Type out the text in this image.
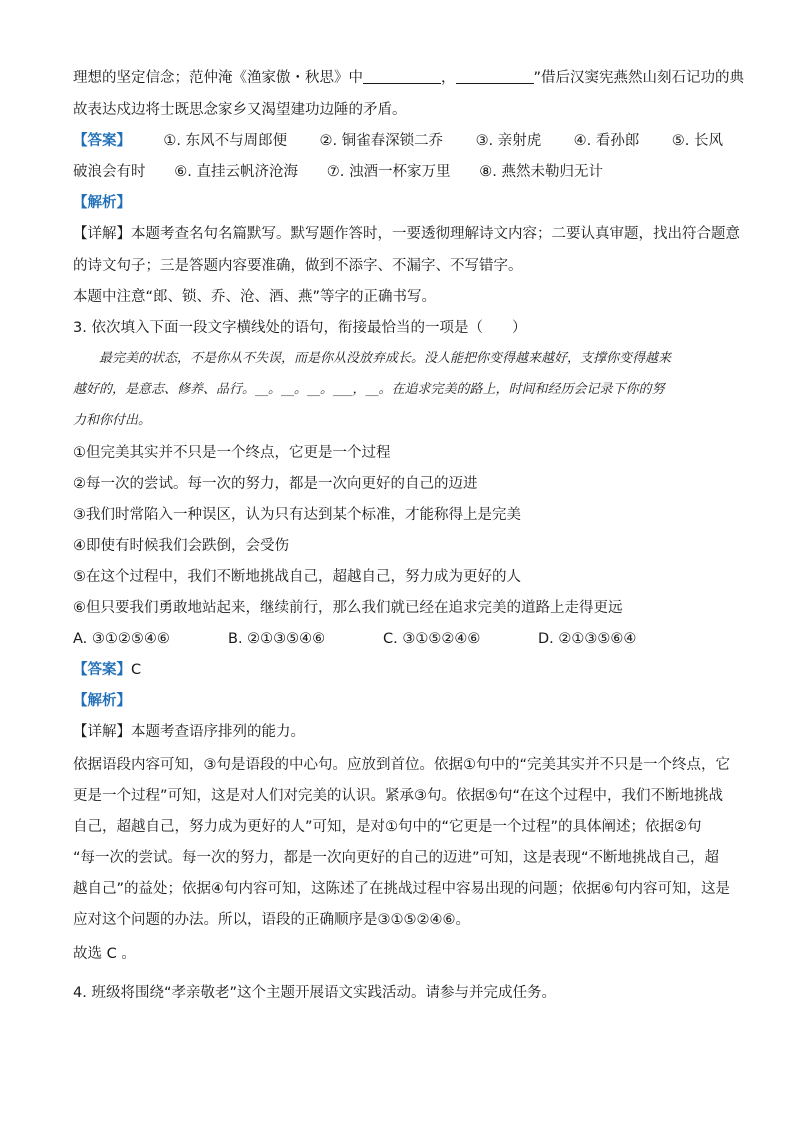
理想的坚定信念；范仲淹《渔家傲・秋思》中	，	”借后汉窦宪燕然山刻石记功的典
故表达戍边将士既思念家乡又渴望建功边陲的矛盾。
【答案】 ①. 东风不与周郎便 ②. 铜雀春深锁二乔 ③. 亲射虎 ④. 看孙郎 ⑤. 长风
破浪会有时 ⑥. 直挂云帆济沧海 ⑦. 浊酒一杯家万里 ⑧. 燕然未勒归无计
【解析】
【详解】本题考查名句名篇默写。默写题作答时，一要透彻理解诗文内容；二要认真审题，找出符合题意
的诗文句子；三是答题内容要准确，做到不添字、不漏字、不写错字。
本题中注意“郎、锁、乔、沧、酒、燕”等字的正确书写。
3. 依次填入下面一段文字横线处的语句，衔接最恰当的一项是（　　）
　　最完美的状态，不是你从不失误，而是你从没放弃成长。没人能把你变得越来越好，支撑你变得越来
越好的，是意志、修养、品行。__。__。__。___，__。在追求完美的路上，时间和经历会记录下你的努
力和你付出。
①但完美其实并不只是一个终点，它更是一个过程
②每一次的尝试。每一次的努力，都是一次向更好的自己的迈进
③我们时常陷入一种误区，认为只有达到某个标准，才能称得上是完美
④即使有时候我们会跌倒，会受伤
⑤在这个过程中，我们不断地挑战自己，超越自己，努力成为更好的人
⑥但只要我们勇敢地站起来，继续前行，那么我们就已经在追求完美的道路上走得更远
A. ③①②⑤④⑥	B. ②①③⑤④⑥	C. ③①⑤②④⑥	D. ②①③⑤⑥④
【答案】C
【解析】
【详解】本题考查语序排列的能力。
依据语段内容可知，③句是语段的中心句。应放到首位。依据①句中的“完美其实并不只是一个终点，它
更是一个过程”可知，这是对人们对完美的认识。紧承③句。依据⑤句“在这个过程中，我们不断地挑战
自己，超越自己，努力成为更好的人”可知，是对①句中的“它更是一个过程”的具体阐述；依据②句
“每一次的尝试。每一次的努力，都是一次向更好的自己的迈进”可知，这是表现“不断地挑战自己，超
越自己”的益处；依据④句内容可知，这陈述了在挑战过程中容易出现的问题；依据⑥句内容可知，这是
应对这个问题的办法。所以，语段的正确顺序是③①⑤②④⑥。
故选 C 。
4. 班级将围绕“孝亲敬老”这个主题开展语文实践活动。请参与并完成任务。
